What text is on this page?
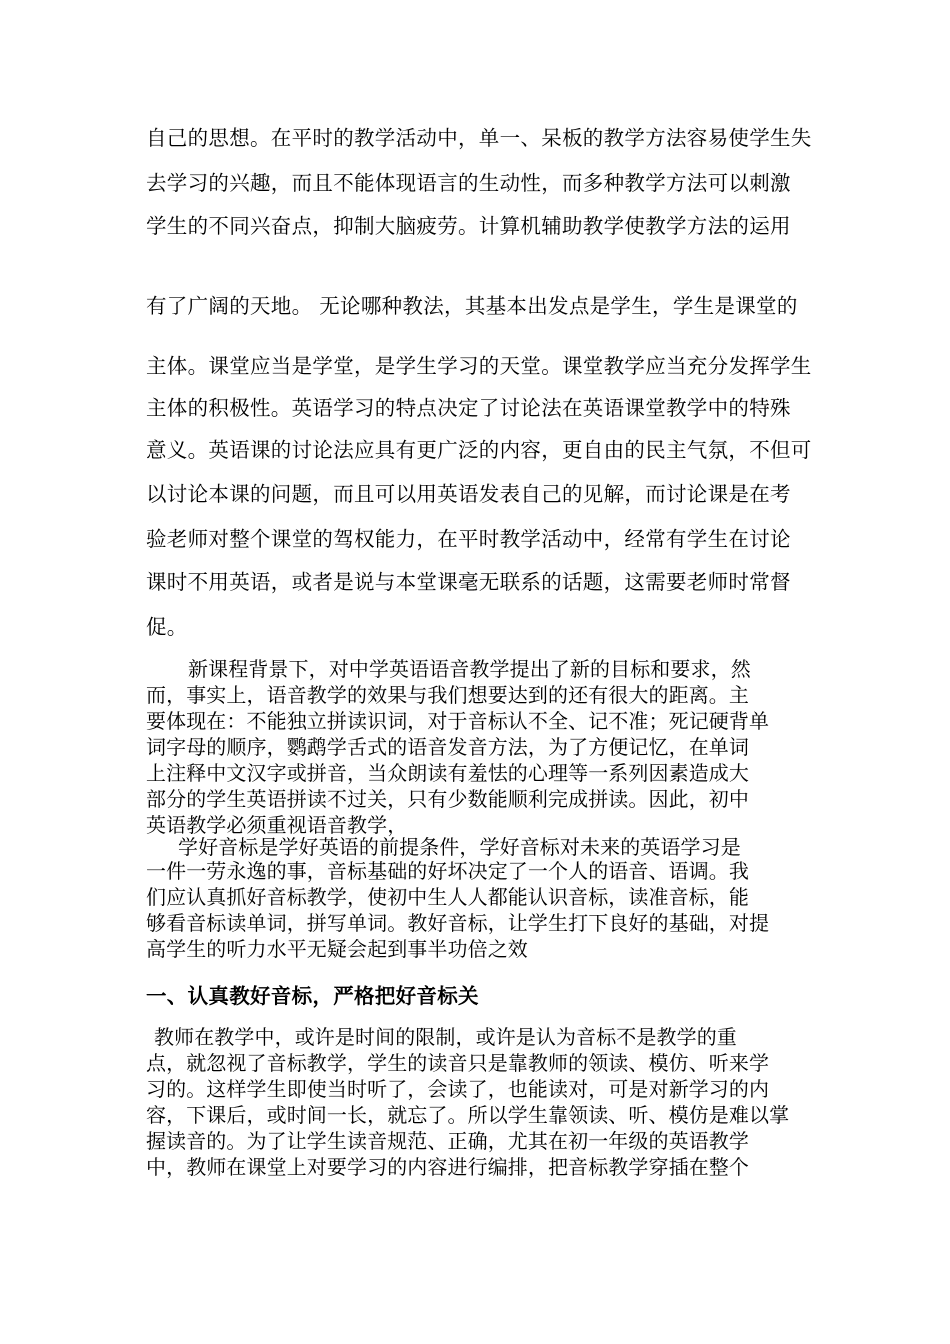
自己的思想。在平时的教学活动中，单一、呆板的教学方法容易使学生失
去学习的兴趣，而且不能体现语言的生动性，而多种教学方法可以刺激
学生的不同兴奋点，抑制大脑疲劳。计算机辅助教学使教学方法的运用
有了广阔的天地。 无论哪种教法，其基本出发点是学生，学生是课堂的
主体。课堂应当是学堂，是学生学习的天堂。课堂教学应当充分发挥学生
主体的积极性。英语学习的特点决定了讨论法在英语课堂教学中的特殊
意义。英语课的讨论法应具有更广泛的内容，更自由的民主气氛，不但可
以讨论本课的问题，而且可以用英语发表自己的见解，而讨论课是在考
验老师对整个课堂的驾权能力，在平时教学活动中，经常有学生在讨论
课时不用英语，或者是说与本堂课毫无联系的话题，这需要老师时常督
促。
新课程背景下，对中学英语语音教学提出了新的目标和要求，然
而，事实上，语音教学的效果与我们想要达到的还有很大的距离。主
要体现在：不能独立拼读识词，对于音标认不全、记不准；死记硬背单
词字母的顺序，鹦鹉学舌式的语音发音方法，为了方便记忆，在单词
上注释中文汉字或拼音，当众朗读有羞怯的心理等一系列因素造成大
部分的学生英语拼读不过关，只有少数能顺利完成拼读。因此，初中
英语教学必须重视语音教学，
学好音标是学好英语的前提条件，学好音标对未来的英语学习是
一件一劳永逸的事，音标基础的好坏决定了一个人的语音、语调。我
们应认真抓好音标教学，使初中生人人都能认识音标，读准音标，能
够看音标读单词，拼写单词。教好音标，让学生打下良好的基础，对提
高学生的听力水平无疑会起到事半功倍之效
一、认真教好音标，严格把好音标关
教师在教学中，或许是时间的限制，或许是认为音标不是教学的重
点，就忽视了音标教学，学生的读音只是靠教师的领读、模仿、听来学
习的。这样学生即使当时听了，会读了，也能读对，可是对新学习的内
容，下课后，或时间一长，就忘了。所以学生靠领读、听、模仿是难以掌
握读音的。为了让学生读音规范、正确，尤其在初一年级的英语教学
中，教师在课堂上对要学习的内容进行编排，把音标教学穿插在整个
